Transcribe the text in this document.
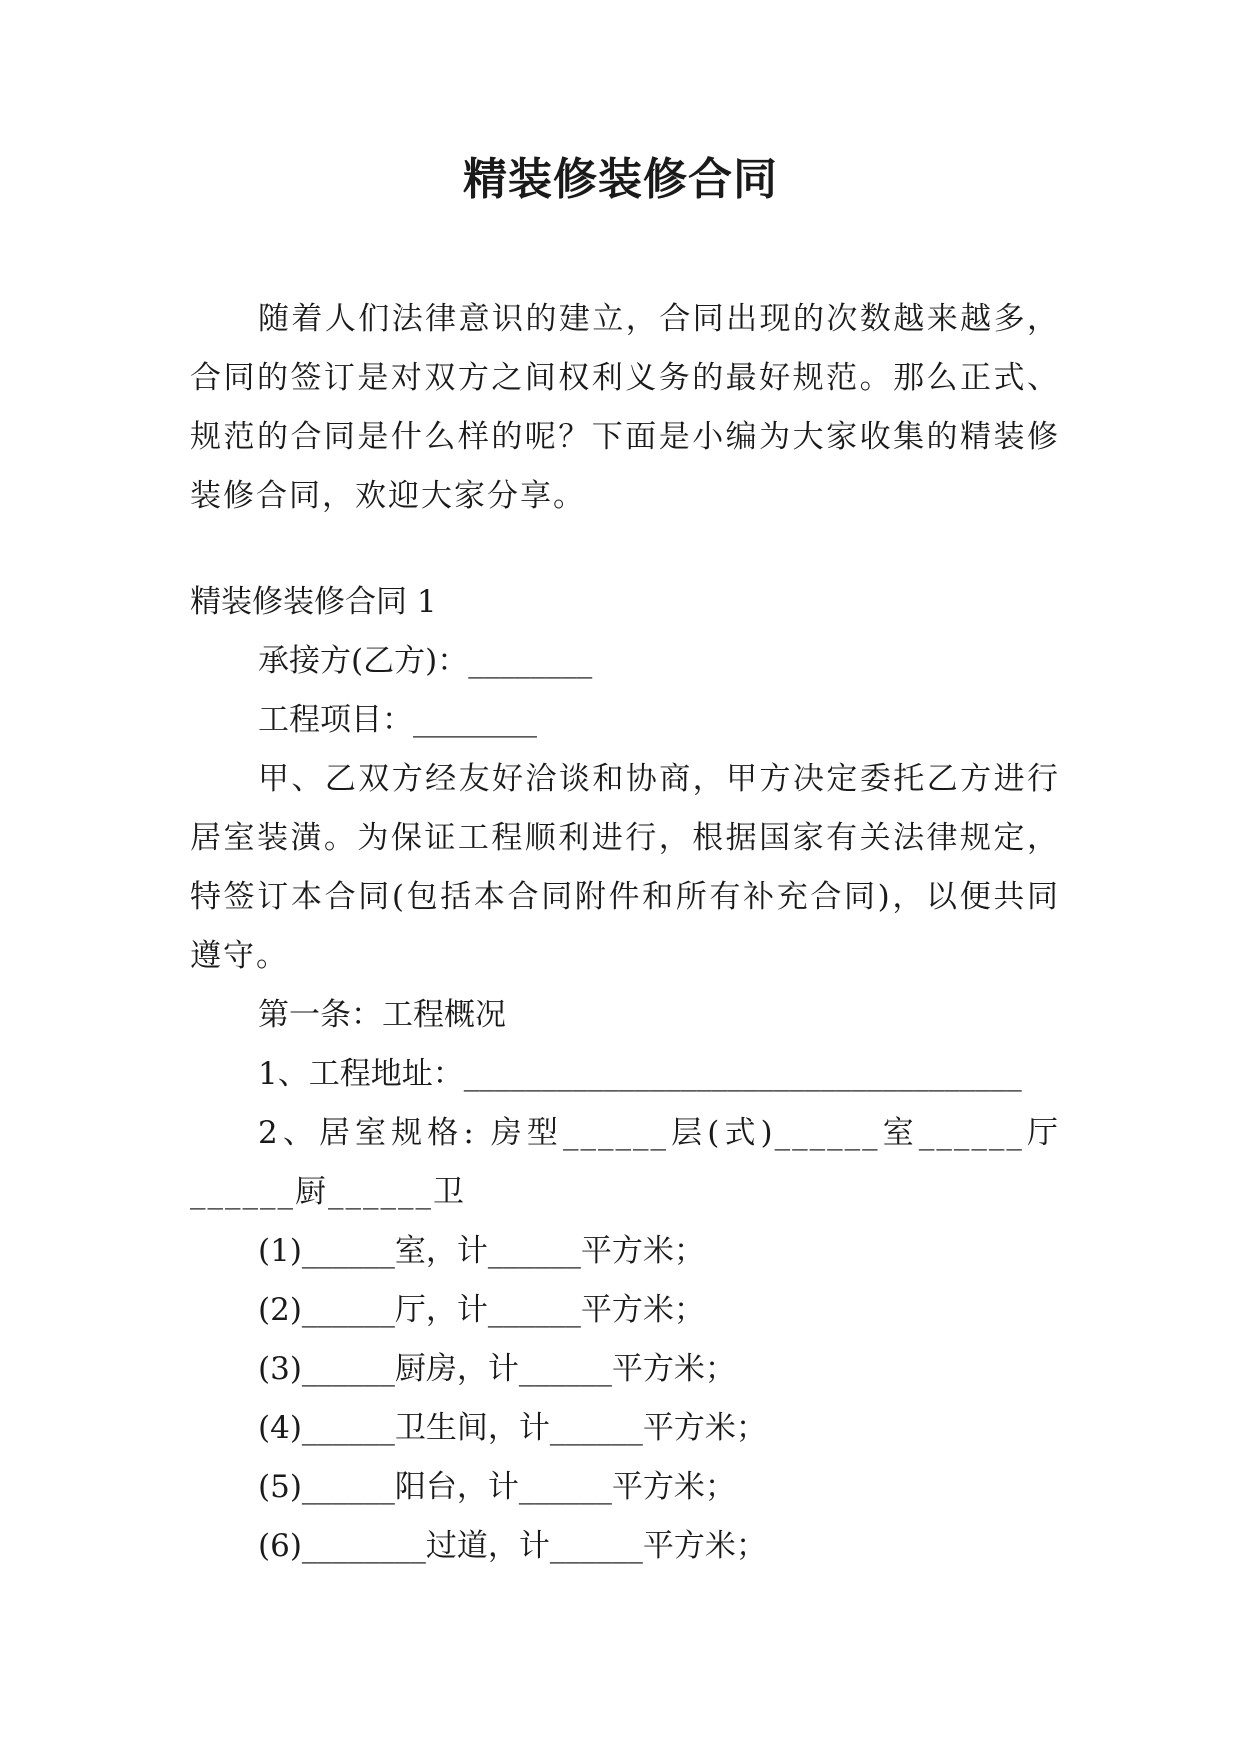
精装修装修合同

随着人们法律意识的建立，合同出现的次数越来越多，合同的签订是对双方之间权利义务的最好规范。那么正式、规范的合同是什么样的呢？下面是小编为大家收集的精装修装修合同，欢迎大家分享。

精装修装修合同 1

承接方(乙方)：________

工程项目：________

甲、乙双方经友好洽谈和协商，甲方决定委托乙方进行居室装潢。为保证工程顺利进行，根据国家有关法律规定，特签订本合同(包括本合同附件和所有补充合同)，以便共同遵守。

第一条：工程概况

1、工程地址：____________________________________

2、居室规格: 房型______层(式)______室______厅______厨______卫

(1)______室，计______平方米；

(2)______厅，计______平方米；

(3)______厨房，计______平方米；

(4)______卫生间，计______平方米；

(5)______阳台，计______平方米；

(6)________过道，计______平方米；
